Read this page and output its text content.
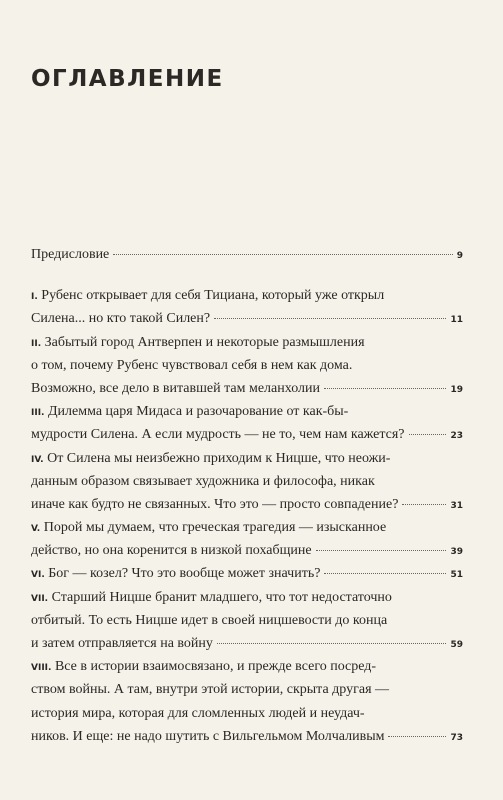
ОГЛАВЛЕНИЕ
Предисловие	9
I. Рубенс открывает для себя Тициана, который уже открыл
Силена... но кто такой Силен?	11
II. Забытый город Антверпен и некоторые размышления
о том, почему Рубенс чувствовал себя в нем как дома.
Возможно, все дело в витавшей там меланхолии	19
III. Дилемма царя Мидаса и разочарование от как-бы-
мудрости Силена. А если мудрость — не то, чем нам кажется?	23
IV. От Силена мы неизбежно приходим к Ницше, что неожи-
данным образом связывает художника и философа, никак
иначе как будто не связанных. Что это — просто совпадение?	31
V. Порой мы думаем, что греческая трагедия — изысканное
действо, но она коренится в низкой похабщине	39
VI. Бог — козел? Что это вообще может значить?	51
VII. Старший Ницше бранит младшего, что тот недостаточно
отбитый. То есть Ницше идет в своей ницшевости до конца
и затем отправляется на войну	59
VIII. Все в истории взаимосвязано, и прежде всего посред-
ством войны. А там, внутри этой истории, скрыта другая —
история мира, которая для сломленных людей и неудач-
ников. И еще: не надо шутить с Вильгельмом Молчаливым	73
